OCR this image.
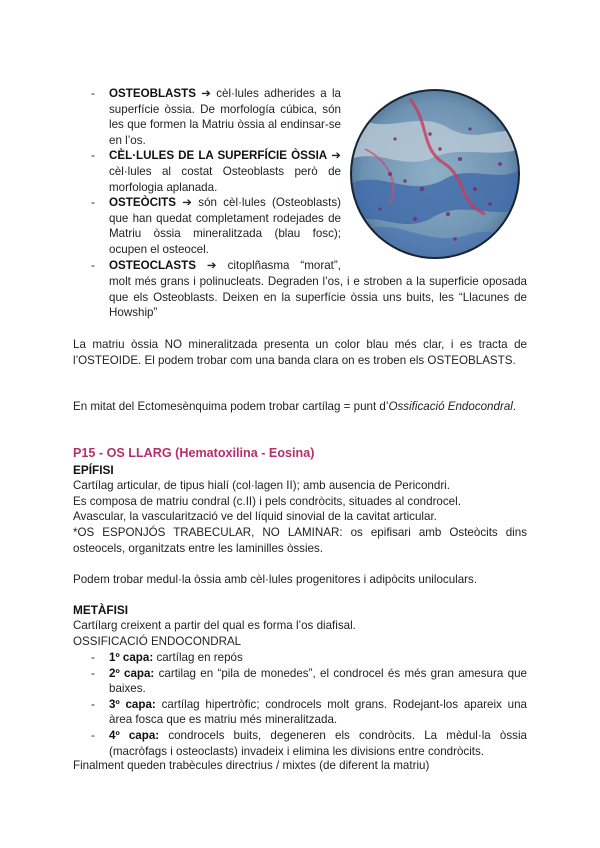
- OSTEOBLASTS ➔ cèl·lules adherides a la superfície òssia. De morfología cúbica, són les que formen la Matriu òssia al endinsar-se en l’os.
- CÈL·LULES DE LA SUPERFÍCIE ÒSSIA ➔ cèl·lules al costat Osteoblasts però de morfologia aplanada.
- OSTEÒCITS ➔ són cèl·lules (Osteoblasts) que han quedat completament rodejades de Matriu òssia mineralitzada (blau fosc); ocupen el osteocel.
- OSTEOCLASTS ➔ citoplñasma “morat”,

molt més grans i polinucleats. Degraden l’os, i e stroben a la superficie oposada que els Osteoblasts. Deixen en la superfície òssia uns buits, les “Llacunes de Howship”

La matriu òssia NO mineralitzada presenta un color blau més clar, i es tracta de l’OSTEOIDE. El podem trobar com una banda clara on es troben els OSTEOBLASTS.

En mitat del Ectomesènquima podem trobar cartílag = punt d’Ossificació Endocondral.

P15 - OS LLARG (Hematoxilina - Eosina)

EPÍFISI

Cartílag articular, de tipus hialí (col·lagen II); amb ausencia de Pericondri.

Es composa de matriu condral (c.II) i pels condròcits, situades al condrocel.

Avascular, la vascularització ve del líquid sinovial de la cavitat articular.

*OS ESPONJÓS TRABECULAR, NO LAMINAR: os epifisari amb Osteòcits dins osteocels, organitzats entre les laminilles òssies.

Podem trobar medul·la òssia amb cèl·lules progenitores i adipòcits uniloculars.

METÀFISI

Cartílarg creixent a partir del qual es forma l’os diafisal.

OSSIFICACIÓ ENDOCONDRAL

- 1º capa: cartílag en repós
- 2º capa: cartilag en “pila de monedes”, el condrocel és més gran amesura que baixes.
- 3º capa: cartílag hipertròfic; condrocels molt grans. Rodejant-los apareix una àrea fosca que es matriu més mineralitzada.
- 4º capa: condrocels buits, degeneren els condròcits. La mèdul·la òssia (macròfags i osteoclasts) invadeix i elimina les divisions entre condròcits.

Finalment queden trabècules directrius / mixtes (de diferent la matriu)
